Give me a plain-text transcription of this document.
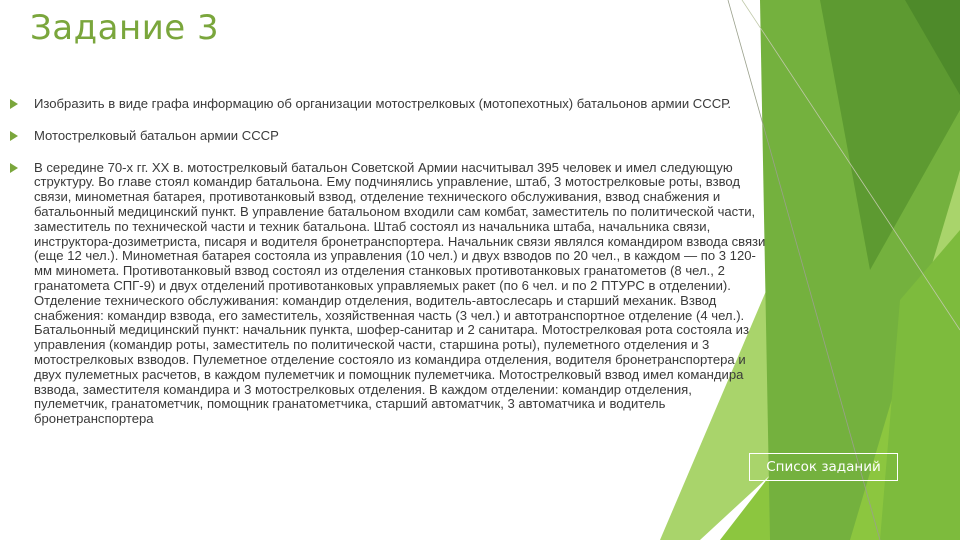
Задание 3
Изобразить в виде графа информацию об организации мотострелковых (мотопехотных) батальонов армии СССР.
Мотострелковый батальон армии СССР
В середине 70-х гг. XX в. мотострелковый батальон Советской Армии насчитывал 395 человек и имел следующую структуру. Во главе стоял командир батальона. Ему подчинялись управление, штаб, 3 мотострелковые роты, взвод связи, минометная батарея, противотанковый взвод, отделение технического обслуживания, взвод снабжения и батальонный медицинский пункт. В управление батальоном входили сам комбат, заместитель по политической части, заместитель по технической части и техник батальона. Штаб состоял из начальника штаба, начальника связи, инструктора-дозиметриста, писаря и водителя бронетранспортера. Начальник связи являлся командиром взвода связи (еще 12 чел.). Минометная батарея состояла из управления (10 чел.) и двух взводов по 20 чел., в каждом — по 3 120-мм минометa. Противотанковый взвод состоял из отделения станковых противотанковых гранатометов (8 чел., 2 гранатомета СПГ-9) и двух отделений противотанковых управляемых ракет (по 6 чел. и по 2 ПТУРС в отделении). Отделение технического обслуживания: командир отделения, водитель-автослесарь и старший механик. Взвод снабжения: командир взвода, его заместитель, хозяйственная часть (3 чел.) и автотранспортное отделение (4 чел.). Батальонный медицинский пункт: начальник пункта, шофер-санитар и 2 санитара. Мотострелковая рота состояла из управления (командир роты, заместитель по политической части, старшина роты), пулеметного отделения и 3 мотострелковых взводов. Пулеметное отделение состояло из командира отделения, водителя бронетранспортера и двух пулеметных расчетов, в каждом пулеметчик и помощник пулеметчика. Мотострелковый взвод имел командира взвода, заместителя командира и 3 мотострелковых отделения. В каждом отделении: командир отделения, пулеметчик, гранатометчик, помощник гранатометчика, старший автоматчик, 3 автоматчика и водитель бронетранспортера
Список заданий
